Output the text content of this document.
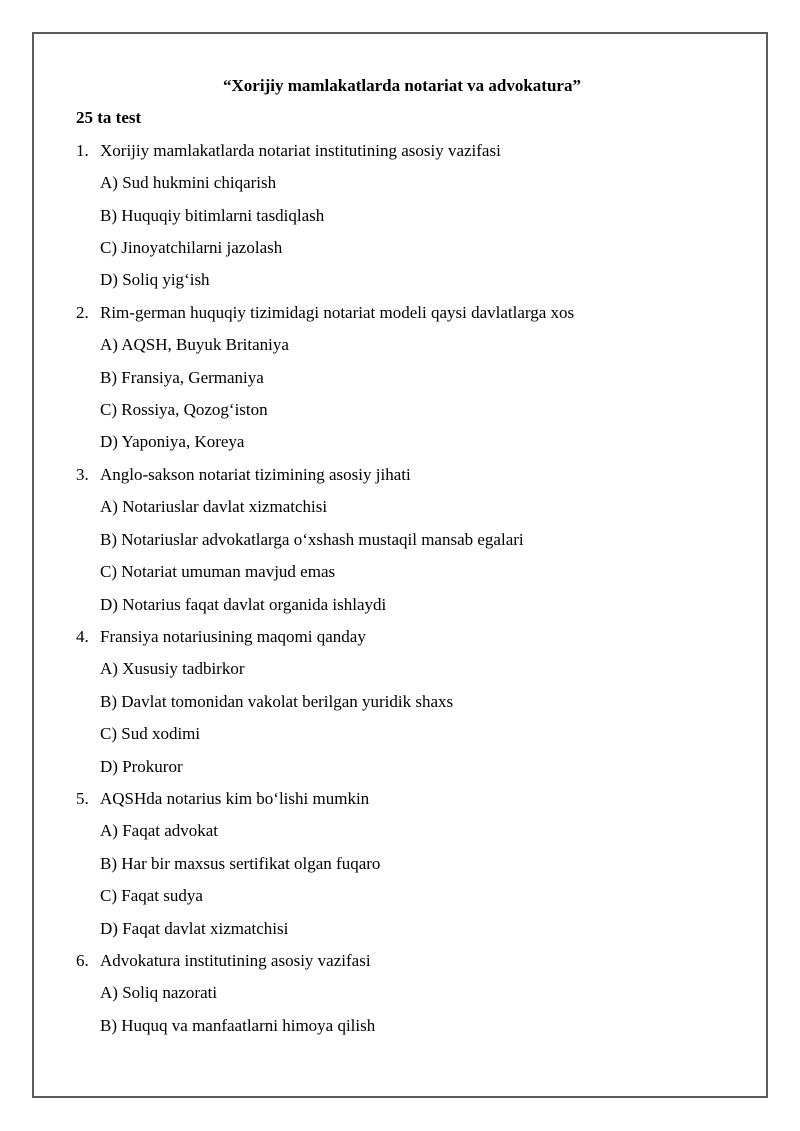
“Xorijiy mamlakatlarda notariat va advokatura”
25 ta test
1. Xorijiy mamlakatlarda notariat institutining asosiy vazifasi
A) Sud hukmini chiqarish
B) Huquqiy bitimlarni tasdiqlash
C) Jinoyatchilarni jazolash
D) Soliq yig‘ish
2. Rim-german huquqiy tizimidagi notariat modeli qaysi davlatlarga xos
A) AQSH, Buyuk Britaniya
B) Fransiya, Germaniya
C) Rossiya, Qozog‘iston
D) Yaponiya, Koreya
3. Anglo-sakson notariat tizimining asosiy jihati
A) Notariuslar davlat xizmatchisi
B) Notariuslar advokatlarga o‘xshash mustaqil mansab egalari
C) Notariat umuman mavjud emas
D) Notarius faqat davlat organida ishlaydi
4. Fransiya notariusining maqomi qanday
A) Xususiy tadbirkor
B) Davlat tomonidan vakolat berilgan yuridik shaxs
C) Sud xodimi
D) Prokuror
5. AQSHda notarius kim bo‘lishi mumkin
A) Faqat advokat
B) Har bir maxsus sertifikat olgan fuqaro
C) Faqat sudya
D) Faqat davlat xizmatchisi
6. Advokatura institutining asosiy vazifasi
A) Soliq nazorati
B) Huquq va manfaatlarni himoya qilish
